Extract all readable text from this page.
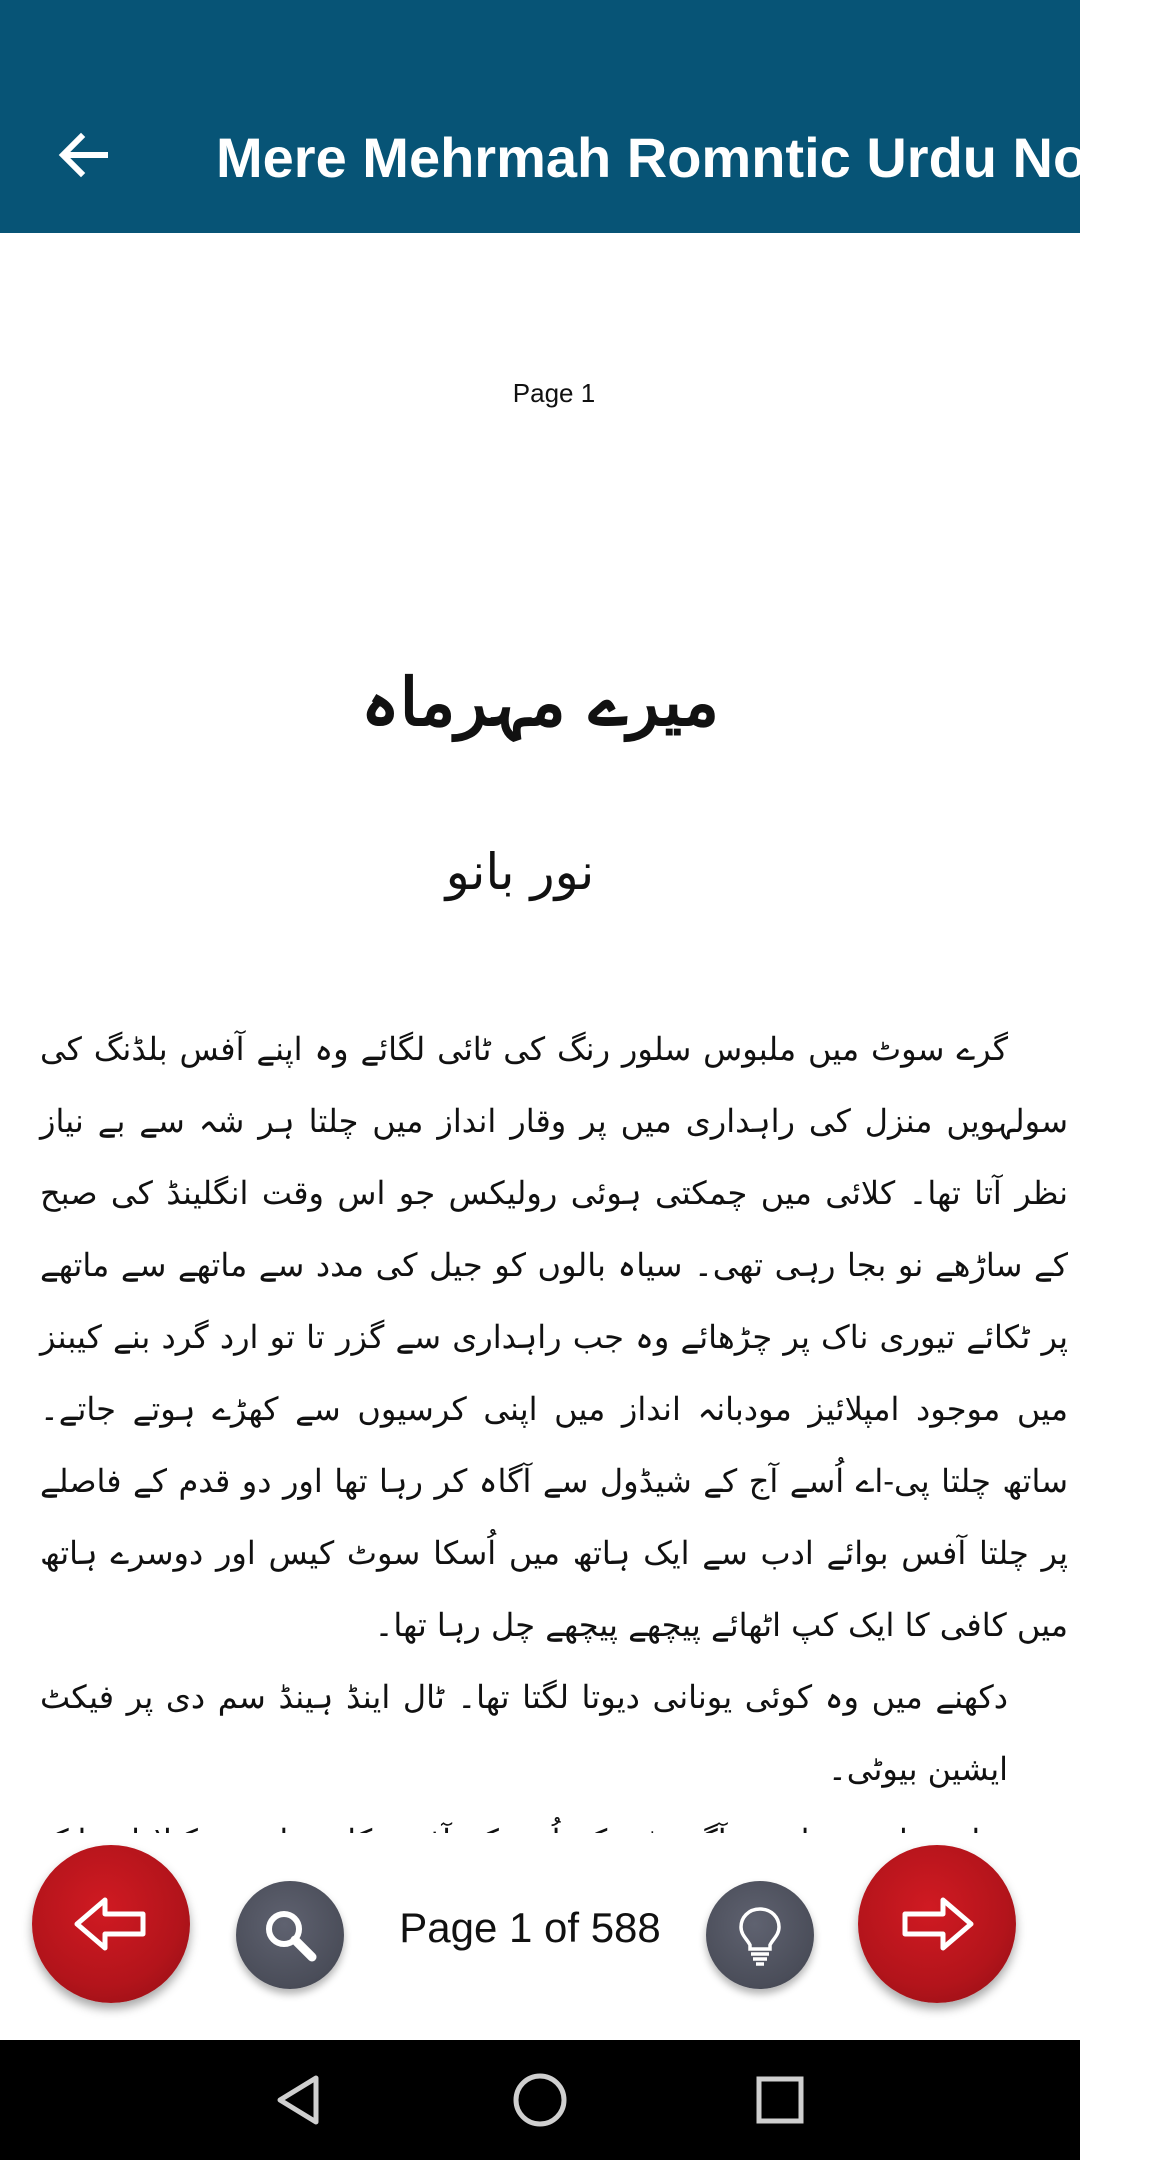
Mere Mehrmah Romntic Urdu Novel
Page 1
میرے مہرماہ
نور بانو

گرے سوٹ میں ملبوس سلور رنگ کی ٹائی لگائے وہ اپنے آفس بلڈنگ کی سولہویں منزل کی راہداری میں پر وقار انداز میں چلتا ہر شہ سے بے نیاز نظر آتا تھا۔ کلائی میں چمکتی ہوئی رولیکس جو اس وقت انگلینڈ کی صبح کے ساڑھے نو بجا رہی تھی۔ سیاہ بالوں کو جیل کی مدد سے ماتھے سے ماتھے پر ٹکائے تیوری ناک پر چڑھائے وہ جب راہداری سے گزر تا تو ارد گرد بنے کیبنز میں موجود امپلائیز مودبانہ انداز میں اپنی کرسیوں سے کھڑے ہوتے جاتے۔ ساتھ چلتا پی-اے اُسے آج کے شیڈول سے آگاہ کر رہا تھا اور دو قدم کے فاصلے پر چلتا آفس بوائے ادب سے ایک ہاتھ میں اُسکا سوٹ کیس اور دوسرے ہاتھ میں کافی کا ایک کپ اٹھائے پیچھے پیچھے چل رہا تھا۔

دکھنے میں وہ کوئی یونانی دیوتا لگتا تھا۔ ٹال اینڈ ہینڈ سم دی پر فیکٹ ایشین بیوٹی۔

Page 1 of 588
